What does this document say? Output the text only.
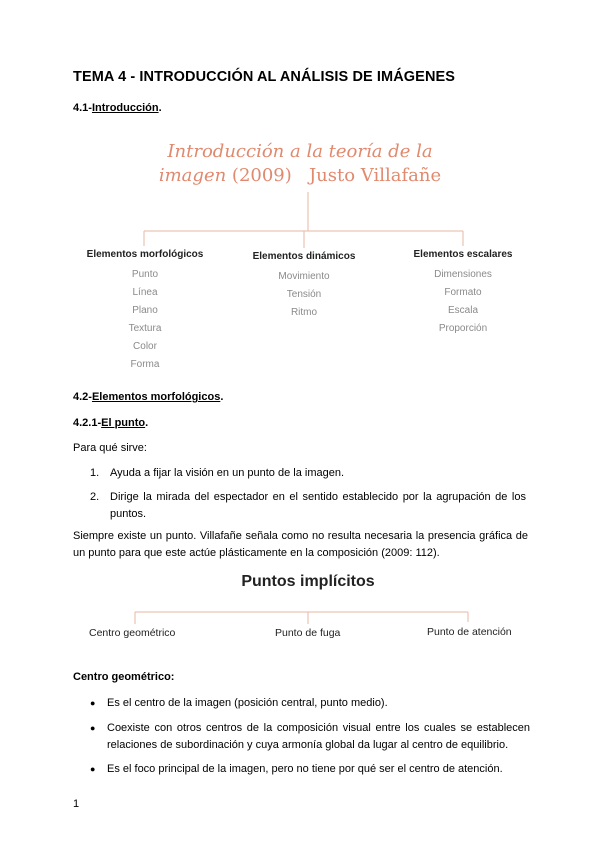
TEMA 4 - INTRODUCCIÓN AL ANÁLISIS DE IMÁGENES
4.1-Introducción.
Introducción a la teoría de la
imagen (2009) Justo Villafañe
Elementos morfológicos
Punto
Línea
Plano
Textura
Color
Forma
Elementos dinámicos
Movimiento
Tensión
Ritmo
Elementos escalares
Dimensiones
Formato
Escala
Proporción
4.2-Elementos morfológicos.
4.2.1-El punto.
Para qué sirve:
1. Ayuda a fijar la visión en un punto de la imagen.
2. Dirige la mirada del espectador en el sentido establecido por la agrupación de los puntos.
Siempre existe un punto. Villafañe señala como no resulta necesaria la presencia gráfica de un punto para que este actúe plásticamente en la composición (2009: 112).
Puntos implícitos
Centro geométrico	Punto de fuga	Punto de atención
Centro geométrico:
● Es el centro de la imagen (posición central, punto medio).
● Coexiste con otros centros de la composición visual entre los cuales se establecen relaciones de subordinación y cuya armonía global da lugar al centro de equilibrio.
● Es el foco principal de la imagen, pero no tiene por qué ser el centro de atención.
1
